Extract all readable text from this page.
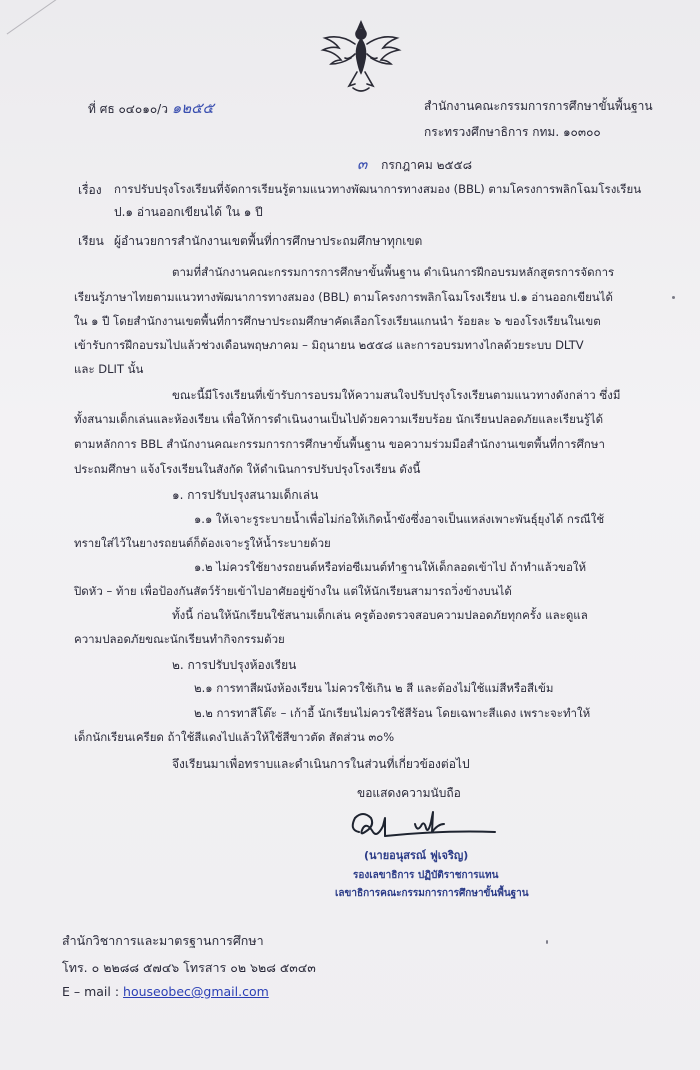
ที่ ศธ ๐๔๐๑๐/ว ๑๒๕๕	สำนักงานคณะกรรมการการศึกษาขั้นพื้นฐาน
กระทรวงศึกษาธิการ กทม. ๑๐๓๐๐
๓ กรกฎาคม ๒๕๕๘
เรื่อง การปรับปรุงโรงเรียนที่จัดการเรียนรู้ตามแนวทางพัฒนาการทางสมอง (BBL) ตามโครงการพลิกโฉมโรงเรียน
ป.๑ อ่านออกเขียนได้ ใน ๑ ปี
เรียน ผู้อำนวยการสำนักงานเขตพื้นที่การศึกษาประถมศึกษาทุกเขต
ตามที่สำนักงานคณะกรรมการการศึกษาขั้นพื้นฐาน ดำเนินการฝึกอบรมหลักสูตรการจัดการ
เรียนรู้ภาษาไทยตามแนวทางพัฒนาการทางสมอง (BBL) ตามโครงการพลิกโฉมโรงเรียน ป.๑ อ่านออกเขียนได้
ใน ๑ ปี โดยสำนักงานเขตพื้นที่การศึกษาประถมศึกษาคัดเลือกโรงเรียนแกนนำ ร้อยละ ๖ ของโรงเรียนในเขต
เข้ารับการฝึกอบรมไปแล้วช่วงเดือนพฤษภาคม – มิถุนายน ๒๕๕๘ และการอบรมทางไกลด้วยระบบ DLTV
และ DLIT นั้น
ขณะนี้มีโรงเรียนที่เข้ารับการอบรมให้ความสนใจปรับปรุงโรงเรียนตามแนวทางดังกล่าว ซึ่งมี
ทั้งสนามเด็กเล่นและห้องเรียน เพื่อให้การดำเนินงานเป็นไปด้วยความเรียบร้อย นักเรียนปลอดภัยและเรียนรู้ได้
ตามหลักการ BBL สำนักงานคณะกรรมการการศึกษาขั้นพื้นฐาน ขอความร่วมมือสำนักงานเขตพื้นที่การศึกษา
ประถมศึกษา แจ้งโรงเรียนในสังกัด ให้ดำเนินการปรับปรุงโรงเรียน ดังนี้
๑. การปรับปรุงสนามเด็กเล่น
๑.๑ ให้เจาะรูระบายน้ำเพื่อไม่ก่อให้เกิดน้ำขังซึ่งอาจเป็นแหล่งเพาะพันธุ์ยุงได้ กรณีใช้
ทรายใส่ไว้ในยางรถยนต์ก็ต้องเจาะรูให้น้ำระบายด้วย
๑.๒ ไม่ควรใช้ยางรถยนต์หรือท่อซีเมนต์ทำฐานให้เด็กลอดเข้าไป ถ้าทำแล้วขอให้
ปิดหัว – ท้าย เพื่อป้องกันสัตว์ร้ายเข้าไปอาศัยอยู่ข้างใน แต่ให้นักเรียนสามารถวิ่งข้างบนได้
ทั้งนี้ ก่อนให้นักเรียนใช้สนามเด็กเล่น ครูต้องตรวจสอบความปลอดภัยทุกครั้ง และดูแล
ความปลอดภัยขณะนักเรียนทำกิจกรรมด้วย
๒. การปรับปรุงห้องเรียน
๒.๑ การทาสีผนังห้องเรียน ไม่ควรใช้เกิน ๒ สี และต้องไม่ใช้แม่สีหรือสีเข้ม
๒.๒ การทาสีโต๊ะ – เก้าอี้ นักเรียนไม่ควรใช้สีร้อน โดยเฉพาะสีแดง เพราะจะทำให้
เด็กนักเรียนเครียด ถ้าใช้สีแดงไปแล้วให้ใช้สีขาวตัด สัดส่วน ๓๐%
จึงเรียนมาเพื่อทราบและดำเนินการในส่วนที่เกี่ยวข้องต่อไป
ขอแสดงความนับถือ
(นายอนุสรณ์ ฟูเจริญ)
รองเลขาธิการ ปฏิบัติราชการแทน
เลขาธิการคณะกรรมการการศึกษาขั้นพื้นฐาน
สำนักวิชาการและมาตรฐานการศึกษา
โทร. ๐ ๒๒๘๘ ๕๗๔๖ โทรสาร ๐๒ ๖๒๘ ๕๓๔๓
E – mail : houseobec@gmail.com
